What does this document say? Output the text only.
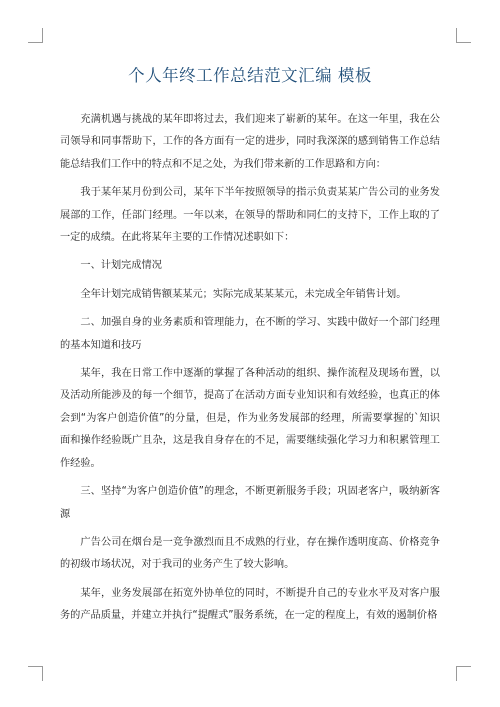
个人年终工作总结范文汇编 模板

充满机遇与挑战的某年即将过去，我们迎来了崭新的某年。在这一年里，我在公司领导和同事帮助下，工作的各方面有一定的进步，同时我深深的感到销售工作总结能总结我们工作中的特点和不足之处，为我们带来新的工作思路和方向：

我于某年某月份到公司，某年下半年按照领导的指示负责某某广告公司的业务发展部的工作，任部门经理。一年以来，在领导的帮助和同仁的支持下，工作上取的了一定的成绩。在此将某年主要的工作情况述职如下：

一、计划完成情况

全年计划完成销售额某某元；实际完成某某某元，未完成全年销售计划。

二、加强自身的业务素质和管理能力，在不断的学习、实践中做好一个部门经理的基本知道和技巧

某年，我在日常工作中逐渐的掌握了各种活动的组织、操作流程及现场布置，以及活动所能涉及的每一个细节，提高了在活动方面专业知识和有效经验，也真正的体会到“为客户创造价值”的分量，但是，作为业务发展部的经理，所需要掌握的`知识面和操作经验既广且杂，这是我自身存在的不足，需要继续强化学习力和积累管理工作经验。

三、坚持“为客户创造价值”的理念，不断更新服务手段；巩固老客户，吸纳新客源

广告公司在烟台是一竞争激烈而且不成熟的行业，存在操作透明度高、价格竞争的初级市场状况，对于我司的业务产生了较大影响。

某年，业务发展部在拓宽外协单位的同时，不断提升自己的专业水平及对客户服务的产品质量，并建立并执行“提醒式”服务系统，在一定的程度上，有效的遏制价格
